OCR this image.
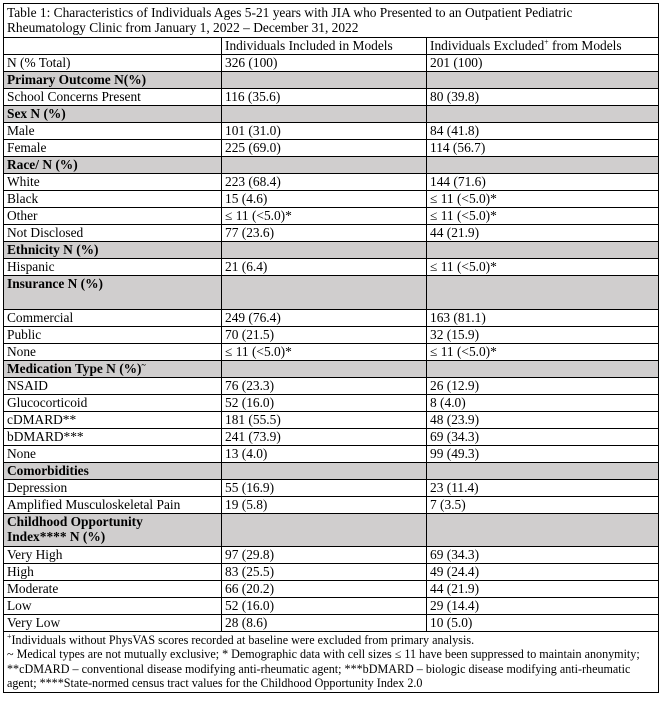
Table 1: Characteristics of Individuals Ages 5-21 years with JIA who Presented to an Outpatient Pediatric
Rheumatology Clinic from January 1, 2022 – December 31, 2022		

	Individuals Included in Models	Individuals Excluded+ from Models
N (% Total)	326 (100)	201 (100)
Primary Outcome N(%)		
School Concerns Present	116 (35.6)	80 (39.8)
Sex N (%)		
Male	101 (31.0)	84 (41.8)
Female	225 (69.0)	114 (56.7)
Race/ N (%)		
White	223 (68.4)	144 (71.6)
Black	15 (4.6)	≤ 11 (<5.0)*
Other	≤ 11 (<5.0)*	≤ 11 (<5.0)*
Not Disclosed	77 (23.6)	44 (21.9)
Ethnicity N (%)		
Hispanic	21 (6.4)	≤ 11 (<5.0)*
Insurance N (%)		
Commercial	249 (76.4)	163 (81.1)
Public	70 (21.5)	32 (15.9)
None	≤ 11 (<5.0)*	≤ 11 (<5.0)*
Medication Type N (%)~		
NSAID	76 (23.3)	26 (12.9)
Glucocorticoid	52 (16.0)	8 (4.0)
cDMARD**	181 (55.5)	48 (23.9)
bDMARD***	241 (73.9)	69 (34.3)
None	13 (4.0)	99 (49.3)
Comorbidities		
Depression	55 (16.9)	23 (11.4)
Amplified Musculoskeletal Pain	19 (5.8)	7 (3.5)

Childhood Opportunity
Index**** N (%)		

Very High	97 (29.8)	69 (34.3)
High	83 (25.5)	49 (24.4)
Moderate	66 (20.2)	44 (21.9)
Low	52 (16.0)	29 (14.4)
Very Low	28 (8.6)	10 (5.0)

+Individuals without PhysVAS scores recorded at baseline were excluded from primary analysis.
~ Medical types are not mutually exclusive; * Demographic data with cell sizes ≤ 11 have been suppressed to maintain anonymity; **cDMARD – conventional disease modifying anti-rheumatic agent; ***bDMARD – biologic disease modifying anti-rheumatic agent; ****State-normed census tract values for the Childhood Opportunity Index 2.0		
